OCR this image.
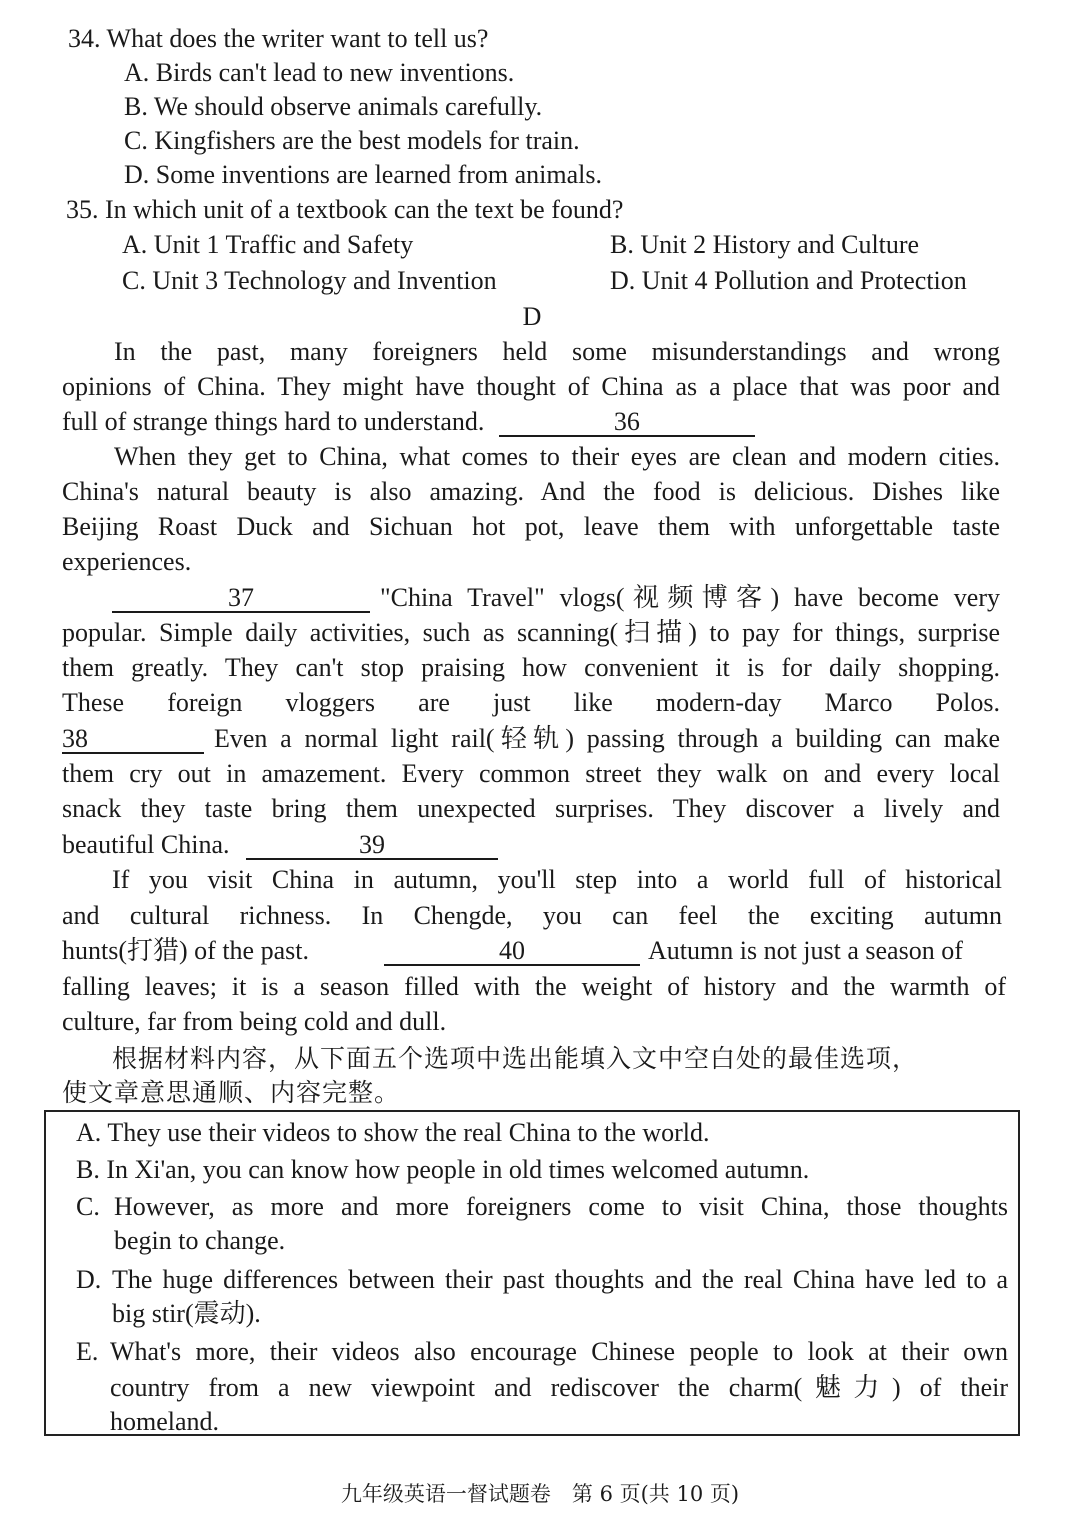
34. What does the writer want to tell us?
A. Birds can't lead to new inventions.
B. We should observe animals carefully.
C. Kingfishers are the best models for train.
D. Some inventions are learned from animals.
35. In which unit of a textbook can the text be found?
A. Unit 1 Traffic and Safety	B. Unit 2 History and Culture
C. Unit 3 Technology and Invention	D. Unit 4 Pollution and Protection
D
In the past, many foreigners held some misunderstandings and wrong
opinions of China. They might have thought of China as a place that was poor and
full of strange things hard to understand.	36
When they get to China, what comes to their eyes are clean and modern cities.
China's natural beauty is also amazing. And the food is delicious. Dishes like
Beijing Roast Duck and Sichuan hot pot, leave them with unforgettable taste
experiences.
37	"China Travel" vlogs(视频博客) have become very
popular. Simple daily activities, such as scanning(扫描) to pay for things, surprise
them greatly. They can't stop praising how convenient it is for daily shopping.
These foreign vloggers are just like modern-day Marco Polos.
38	Even a normal light rail(轻轨) passing through a building can make
them cry out in amazement. Every common street they walk on and every local
snack they taste bring them unexpected surprises. They discover a lively and
beautiful China.	39
If you visit China in autumn, you'll step into a world full of historical
and cultural richness. In Chengde, you can feel the exciting autumn
hunts(打猎) of the past.	40	Autumn is not just a season of
falling leaves; it is a season filled with the weight of history and the warmth of
culture, far from being cold and dull.
根据材料内容，从下面五个选项中选出能填入文中空白处的最佳选项，
使文章意思通顺、内容完整。
A. They use their videos to show the real China to the world.
B. In Xi'an, you can know how people in old times welcomed autumn.
C. However, as more and more foreigners come to visit China, those thoughts
begin to change.
D. The huge differences between their past thoughts and the real China have led to a
big stir(震动).
E. What's more, their videos also encourage Chinese people to look at their own
country from a new viewpoint and rediscover the charm(魅力) of their
homeland.
九年级英语一督试题卷　第 6 页(共 10 页)
